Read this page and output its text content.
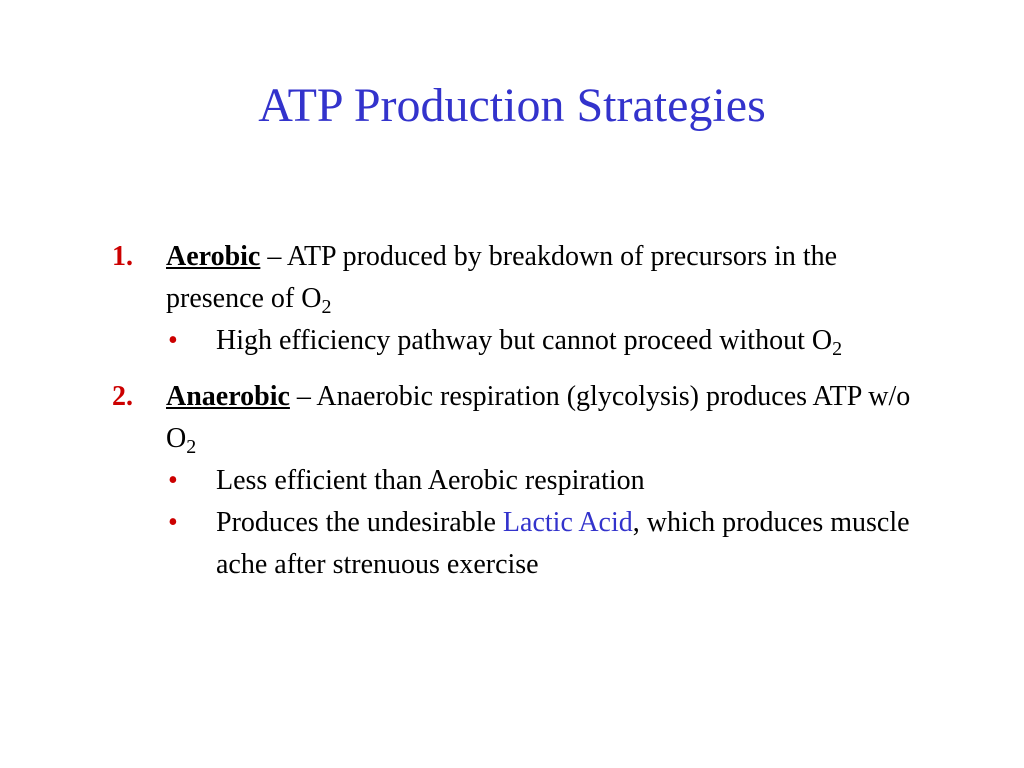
ATP Production Strategies
1. Aerobic – ATP produced by breakdown of precursors in the presence of $O_2$
• High efficiency pathway but cannot proceed without $O_2$
2. Anaerobic – Anaerobic respiration (glycolysis) produces ATP w/o $O_2$
• Less efficient than Aerobic respiration
• Produces the undesirable Lactic Acid, which produces muscle ache after strenuous exercise
